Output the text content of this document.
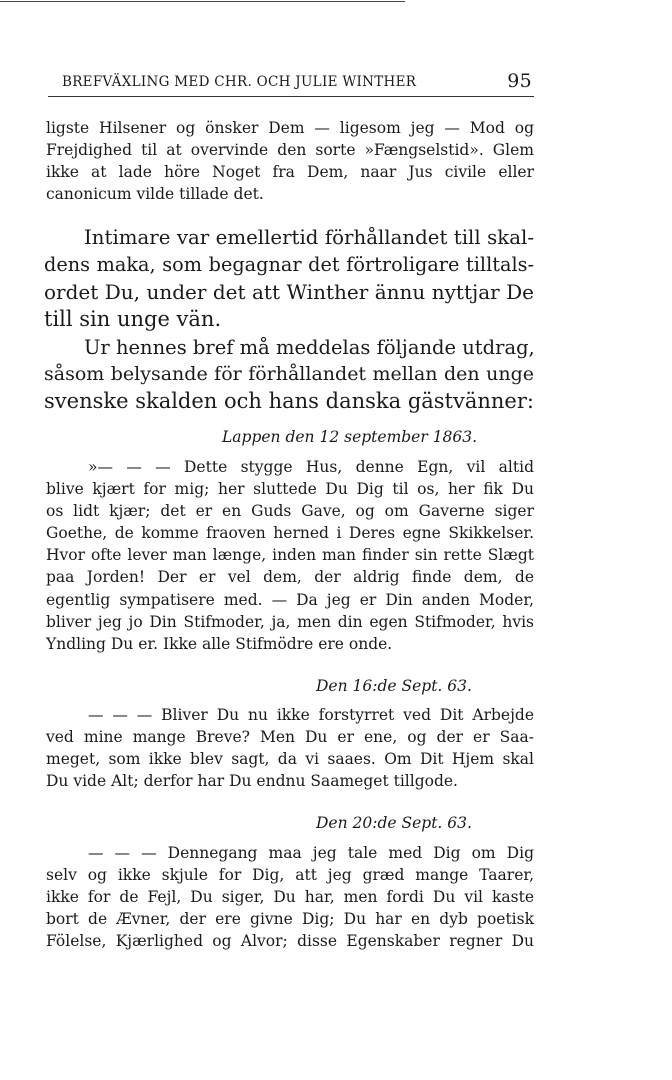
BREFVÄXLING MED CHR. OCH JULIE WINTHER	95
ligste Hilsener og önsker Dem — ligesom jeg — Mod og
Frejdighed til at overvinde den sorte »Fængselstid». Glem
ikke at lade höre Noget fra Dem, naar Jus civile eller
canonicum vilde tillade det.
Intimare var emellertid förhållandet till skal-
dens maka, som begagnar det förtroligare tilltals-
ordet Du, under det att Winther ännu nyttjar De
till sin unge vän.
Ur hennes bref må meddelas följande utdrag,
såsom belysande för förhållandet mellan den unge
svenske skalden och hans danska gästvänner:
Lappen den 12 september 1863.
»— — — Dette stygge Hus, denne Egn, vil altid
blive kjært for mig; her sluttede Du Dig til os, her fik Du
os lidt kjær; det er en Guds Gave, og om Gaverne siger
Goethe, de komme fraoven herned i Deres egne Skikkelser.
Hvor ofte lever man længe, inden man finder sin rette Slægt
paa Jorden! Der er vel dem, der aldrig finde dem, de
egentlig sympatisere med. — Da jeg er Din anden Moder,
bliver jeg jo Din Stifmoder, ja, men din egen Stifmoder, hvis
Yndling Du er. Ikke alle Stifmödre ere onde.
Den 16:de Sept. 63.
— — — Bliver Du nu ikke forstyrret ved Dit Arbejde
ved mine mange Breve? Men Du er ene, og der er Saa-
meget, som ikke blev sagt, da vi saaes. Om Dit Hjem skal
Du vide Alt; derfor har Du endnu Saameget tillgode.
Den 20:de Sept. 63.
— — — Dennegang maa jeg tale med Dig om Dig
selv og ikke skjule for Dig, att jeg græd mange Taarer,
ikke for de Fejl, Du siger, Du har, men fordi Du vil kaste
bort de Ævner, der ere givne Dig; Du har en dyb poetisk
Fölelse, Kjærlighed og Alvor; disse Egenskaber regner Du
